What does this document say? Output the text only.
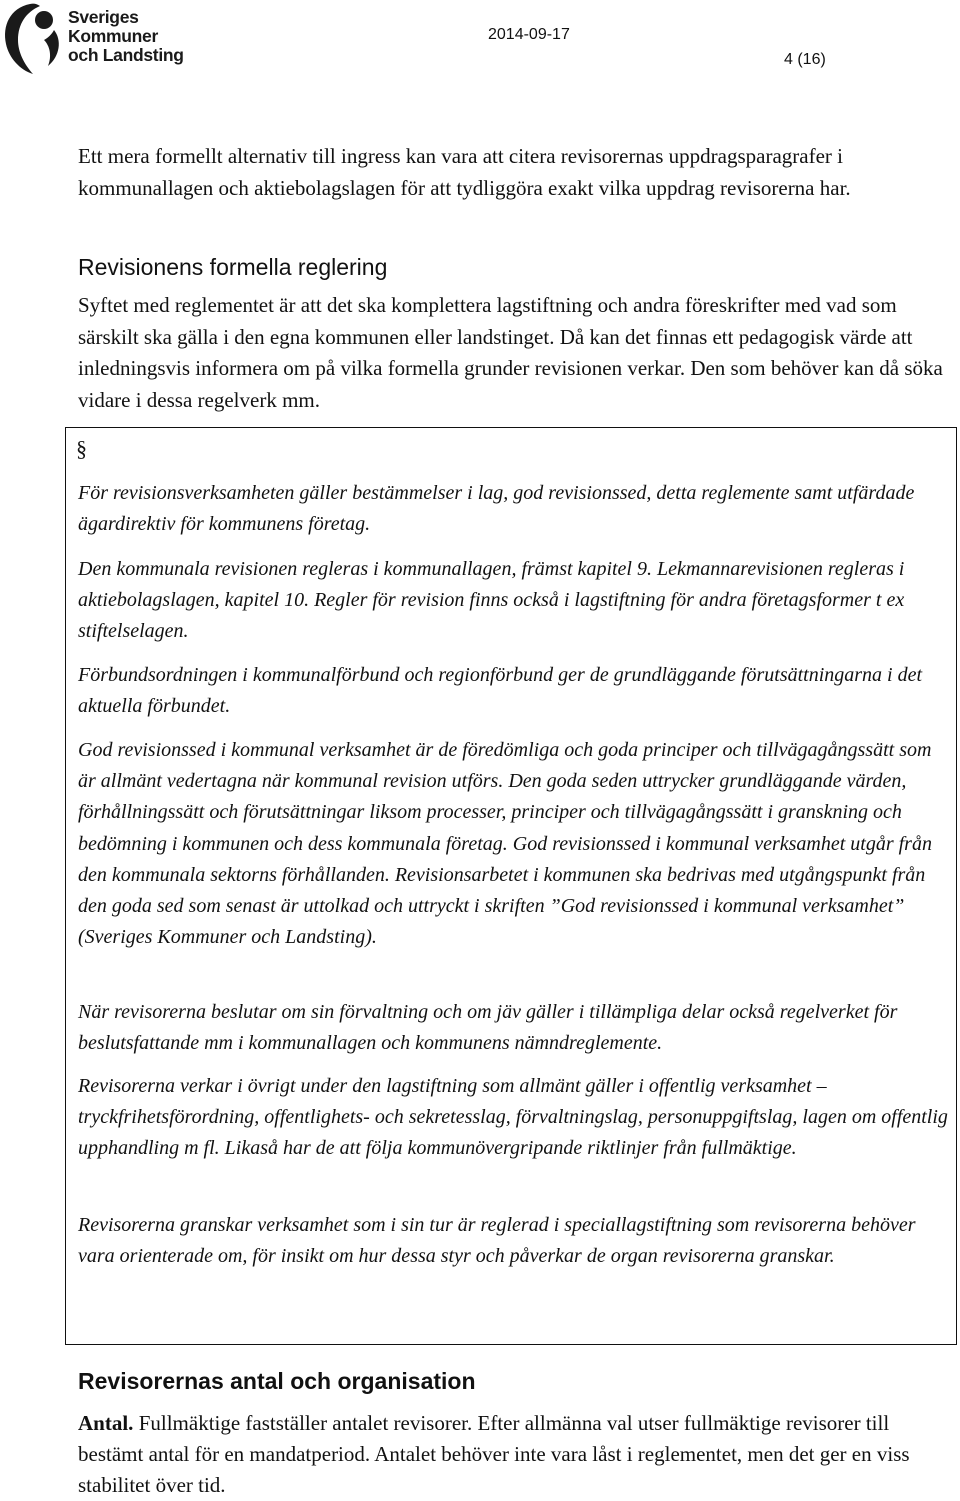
Sveriges
Kommuner
och Landsting
2014-09-17
4 (16)

Ett mera formellt alternativ till ingress kan vara att citera revisorernas uppdragsparagrafer i kommunallagen och aktiebolagslagen för att tydliggöra exakt vilka uppdrag revisorerna har.

Revisionens formella reglering

Syftet med reglementet är att det ska komplettera lagstiftning och andra föreskrifter med vad som särskilt ska gälla i den egna kommunen eller landstinget. Då kan det finnas ett pedagogisk värde att inledningsvis informera om på vilka formella grunder revisionen verkar. Den som behöver kan då söka vidare i dessa regelverk mm.

§

För revisionsverksamheten gäller bestämmelser i lag, god revisionssed, detta reglemente samt utfärdade ägardirektiv för kommunens företag.

Den kommunala revisionen regleras i kommunallagen, främst kapitel 9. Lekmannarevisionen regleras i aktiebolagslagen, kapitel 10. Regler för revision finns också i lagstiftning för andra företagsformer t ex stiftelselagen.

Förbundsordningen i kommunalförbund och regionförbund ger de grundläggande förutsättningarna i det aktuella förbundet.

God revisionssed i kommunal verksamhet är de föredömliga och goda principer och tillvägagångssätt som är allmänt vedertagna när kommunal revision utförs. Den goda seden uttrycker grundläggande värden, förhållningssätt och förutsättningar liksom processer, principer och tillvägagångssätt i granskning och bedömning i kommunen och dess kommunala företag. God revisionssed i kommunal verksamhet utgår från den kommunala sektorns förhållanden. Revisionsarbetet i kommunen ska bedrivas med utgångspunkt från den goda sed som senast är uttolkad och uttryckt i skriften ”God revisionssed i kommunal verksamhet” (Sveriges Kommuner och Landsting).

När revisorerna beslutar om sin förvaltning och om jäv gäller i tillämpliga delar också regelverket för beslutsfattande mm i kommunallagen och kommunens nämndreglemente.

Revisorerna verkar i övrigt under den lagstiftning som allmänt gäller i offentlig verksamhet – tryckfrihetsförordning, offentlighets- och sekretesslag, förvaltningslag, personuppgiftslag, lagen om offentlig upphandling m fl. Likaså har de att följa kommunövergripande riktlinjer från fullmäktige.

Revisorerna granskar verksamhet som i sin tur är reglerad i speciallagstiftning som revisorerna behöver vara orienterade om, för insikt om hur dessa styr och påverkar de organ revisorerna granskar.

Revisorernas antal och organisation

Antal. Fullmäktige fastställer antalet revisorer. Efter allmänna val utser fullmäktige revisorer till bestämt antal för en mandatperiod. Antalet behöver inte vara låst i reglementet, men det ger en viss stabilitet över tid.
